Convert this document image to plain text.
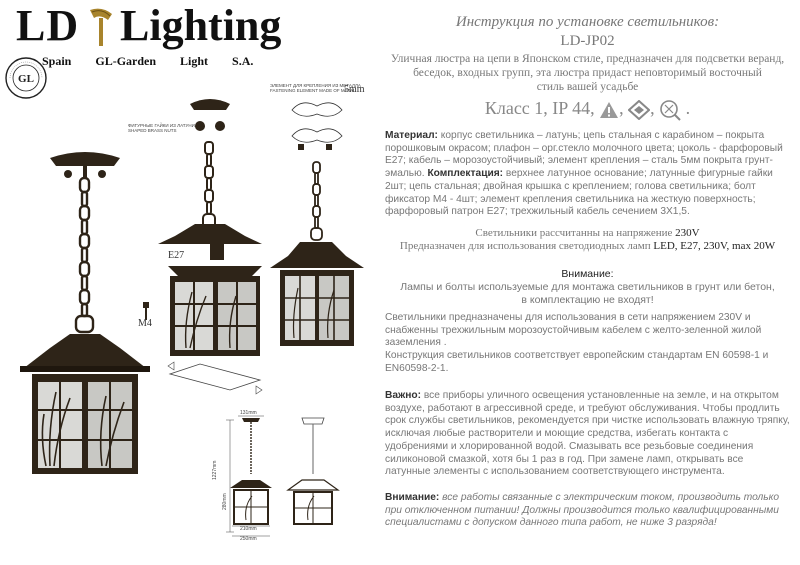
LD Lighting
Spain GL-Garden Light S.A.
GL
ФИГУРНЫЕ ГАЙКИ ИЗ ЛАТУНИ
SHAPED BRASS NUTS
E27
M4
ЭЛЕМЕНТ ДЛЯ КРЕПЛЕНИЯ ИЗ МЕТАЛЛА
FASTENING ELEMENT MADE OF METAL
5mm
131mm
1227mm
280mm
210mm
250mm
Инструкция по установке светильников:
LD-JP02
Уличная люстра на цепи в Японском стиле, предназначен для подсветки веранд,
беседок, входных групп, эта люстра придаст неповторимый восточный
стиль вашей усадьбе
Класс 1, IP 44, , ,  .
Материал: корпус светильника – латунь; цепь стальная с карабином – покрыта порошковым окрасом; плафон – орг.стекло молочного цвета; цоколь - фарфоровый E27; кабель – морозоустойчивый; элемент крепления – сталь 5мм покрыта грунт-эмалью. Комплектация: верхнее латунное основание; латунные фигурные гайки 2шт; цепь стальная; двойная крышка с креплением; голова светильника; болт фиксатор М4 - 4шт; элемент крепления светильника на жесткую поверхность; фарфоровый патрон E27; трехжильный кабель сечением 3X1,5.
Светильники рассчитанны на напряжение 230V
Предназначен для использования светодиодных ламп LED, E27, 230V, max 20W
Внимание:
Лампы и болты используемые для монтажа светильников в грунт или бетон,
в комплектацию не входят!
Светильники предназначены для использования в сети напряжением 230V и снабженны трехжильным морозоустойчивым кабелем с желто-зеленной жилой заземления .
Конструкция светильников соответствует европейским стандартам EN 60598-1 и EN60598-2-1.
Важно: все приборы уличного освещения установленные на земле, и на открытом воздухе, работают в агрессивной среде, и требуют обслуживания. Чтобы продлить срок службы светильников, рекомендуется при чистке использовать влажную тряпку, исключая любые растворители и моющие средства, избегать контакта с удобрениями и хлорированной водой. Смазывать все резьбовые соединения силиконовой смазкой, хотя бы 1 раз в год. При замене ламп, открывать все латунные элементы с использованием соответствующего инструмента.
Внимание: все работы связанные с электрическим током, производить только при отключенном питании! Должны производится только квалифицированными специалистами с допуском данного типа работ, не ниже 3 разряда!
